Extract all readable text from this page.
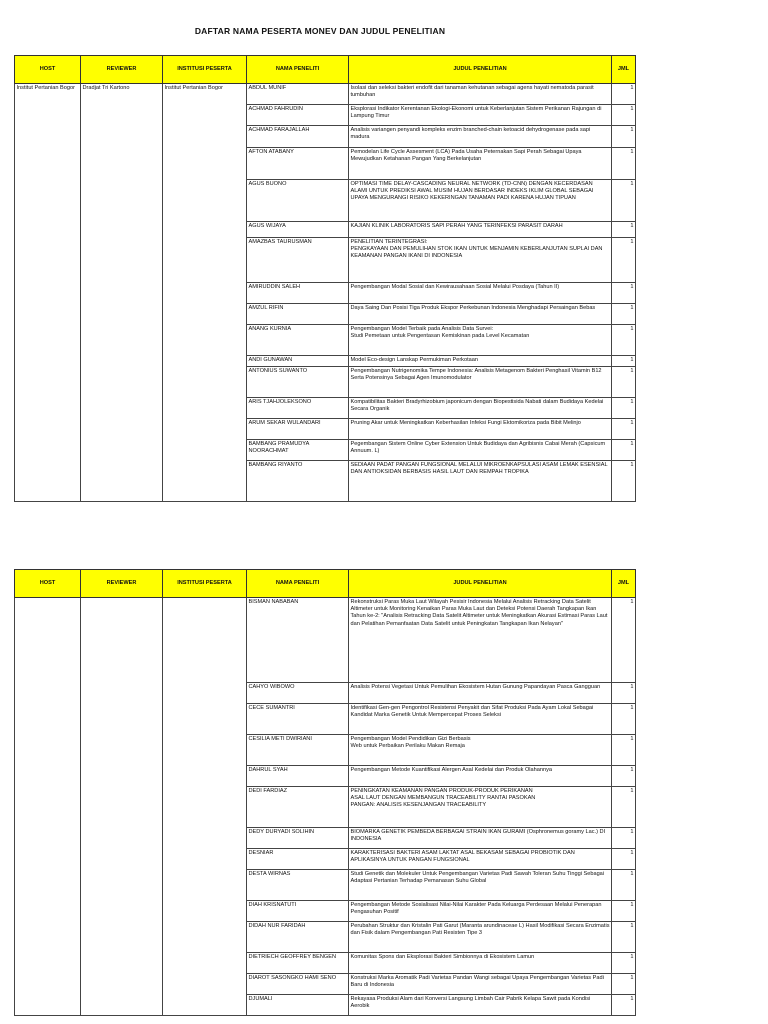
DAFTAR NAMA PESERTA MONEV DAN JUDUL PENELITIAN
HOST	REVIEWER	INSTITUSI PESERTA	NAMA PENELITI	JUDUL PENELITIAN	JML
Institut Pertanian Bogor	Dradjat Tri Kartono	Institut Pertanian Bogor	ABDUL MUNIF	Isolasi dan seleksi bakteri endofit dari tanaman kehutanan sebagai agens hayati nematoda parasit tumbuhan	1
			ACHMAD FAHRUDIN	Eksplorasi Indikator Kerentanan Ekologi-Ekonomi untuk Keberlanjutan Sistem Perikanan Rajungan di Lampung Timur	1
			ACHMAD FARAJALLAH	Analisis variangen penyandi kompleks enzim branched-chain ketoacid dehydrogenase pada sapi madura	1
			AFTON ATABANY	Pemodelan Life Cycle Assesment (LCA) Pada Usaha Peternakan Sapi Perah Sebagai Upaya Mewujudkan Ketahanan Pangan Yang Berkelanjutan	1
			AGUS BUONO	OPTIMASI TIME DELAY-CASCADING NEURAL NETWORK (TD-CNN) DENGAN KECERDASAN ALAMI UNTUK PREDIKSI AWAL MUSIM HUJAN BERDASAR INDEKS IKLIM GLOBAL SEBAGAI UPAYA MENGURANGI RISIKO KEKERINGAN TANAMAN PADI KARENA HUJAN TIPUAN	1
			AGUS WIJAYA	KAJIAN KLINIK LABORATORIS SAPI PERAH YANG TERINFEKSI PARASIT DARAH	1
			AMAZBAS TAURUSMAN	PENELITIAN TERINTEGRASI:
PENGKAYAAN DAN PEMULIHAN STOK IKAN UNTUK MENJAMIN KEBERLANJUTAN SUPLAI DAN KEAMANAN PANGAN IKANI DI INDONESIA	1
			AMIRUDDIN SALEH	Pengembangan Modal Sosial dan Kewirausahaan Sosial Melalui Posdaya (Tahun II)	1
			AMZUL RIFIN	Daya Saing Dan Posisi Tiga Produk Ekspor Perkebunan Indonesia Menghadapi Persaingan Bebas	1
			ANANG KURNIA	Pengembangan Model Terbaik pada Analisis Data Survei:
Studi Pemetaan untuk Pengentasan Kemiskinan pada Level Kecamatan	1
			ANDI GUNAWAN	Model Eco-design Lanskap Permukiman Perkotaan	1
			ANTONIUS SUWANTO	Pengembangan Nutrigenomika Tempe Indonesia: Analisis Metagenom Bakteri Penghasil Vitamin B12 Serta Potensinya Sebagai Agen Imunomodulator	1
			ARIS TJAHJOLEKSONO	Kompatibilitas Bakteri Bradyrhizobium japonicum dengan Biopestisida Nabati dalam Budidaya Kedelai Secara Organik	1
			ARUM SEKAR WULANDARI	Pruning Akar untuk Meningkatkan Keberhasilan Infeksi Fungi Ektomikoriza pada Bibit Melinjo	1
			BAMBANG PRAMUDYA NOORACHMAT	Pegembangan Sistem Online Cyber Extension Untuk Budidaya dan Agribisnis Cabai Merah (Capsicum Annuum. L)	1
			BAMBANG RIYANTO	SEDIAAN PADAT PANGAN FUNGSIONAL MELALUI MIKROENKAPSULASI ASAM LEMAK ESENSIAL DAN ANTIOKSIDAN BERBASIS HASIL LAUT DAN REMPAH TROPIKA	1
HOST	REVIEWER	INSTITUSI PESERTA	NAMA PENELITI	JUDUL PENELITIAN	JML
			BISMAN NABABAN	Rekonstruksi Paras Muka Laut Wilayah Pesisir Indonesia Melalui Analisis Retracking Data Satelit Altimeter untuk Monitoring Kenaikan Paras Muka Laut dan Deteksi Potensi Daerah Tangkapan Ikan
Tahun ke-2: "Analisis Retracking Data Satelit Altimeter untuk Meningkatkan Akurasi Estimasi Paras Laut dan Pelatihan Pemanfaatan Data Satelit untuk Peningkatan Tangkapan Ikan Nelayan"	1
			CAHYO WIBOWO	Analisis Potensi Vegetasi Untuk Pemulihan Ekosistem Hutan Gunung Papandayan Pasca Gangguan	1
			CECE SUMANTRI	Identifikasi Gen-gen Pengontrol Resistensi Penyakit dan Sifat Produksi Pada Ayam Lokal Sebagai Kandidat Marka Genetik Untuk Mempercepat Proses Seleksi	1
			CESILIA METI DWIRIANI	Pengembangan Model Pendidikan Gizi Berbasis
Web untuk Perbaikan Perilaku Makan Remaja	1
			DAHRUL SYAH	Pengembangan Metode Kuantifikasi Alergen Asal Kedelai dan Produk Olahannya	1
			DEDI FARDIAZ	PENINGKATAN KEAMANAN PANGAN PRODUK-PRODUK PERIKANAN
ASAL LAUT DENGAN MEMBANGUN TRACEABILITY RANTAI PASOKAN
PANGAN: ANALISIS KESENJANGAN TRACEABILITY	1
			DEDY DURYADI SOLIHIN	BIOMARKA GENETIK PEMBEDA BERBAGAI STRAIN IKAN GURAMI (Osphronemus goramy Lac.) DI INDONESIA	1
			DESNIAR	KARAKTERISASI BAKTERI ASAM LAKTAT ASAL BEKASAM SEBAGAI PROBIOTIK DAN APLIKASINYA UNTUK PANGAN FUNGSIONAL	1
			DESTA WIRNAS	Studi Genetik dan Molekuler Untuk Pengembangan Varietas Padi Sawah Toleran Suhu Tinggi Sebagai Adaptasi Pertanian Terhadap Pemanasan Suhu Global	1
			DIAH KRISNATUTI	Pengembangan Metode Sosialisasi Nilai-Nilai Karakter Pada Keluarga Perdesaan Melalui Penerapan Pengasuhan Positif	1
			DIDAH NUR FARIDAH	Perubahan Struktur dan Kristalin Pati Garut (Maranta arundinaceae L) Hasil Modifikasi Secara Enzimatis dan Fisik dalam Pengembangan Pati Resisten Tipe 3	1
			DIETRIECH GEOFFREY BENGEN	Komunitas Spons dan Eksplorasi Bakteri Simbionnya di Ekosistem Lamun	1
			DIAROT SASONGKO HAMI SENO	Konstruksi Marka Aromatik Padi Varietas Pandan Wangi sebagai Upaya Pengembangan Varietas Padi Baru di Indonesia	1
			DJUMALI	Rekayasa Produksi Alam dari Konversi Langsung Limbah Cair Pabrik Kelapa Sawit pada Kondisi Aerobik	1
